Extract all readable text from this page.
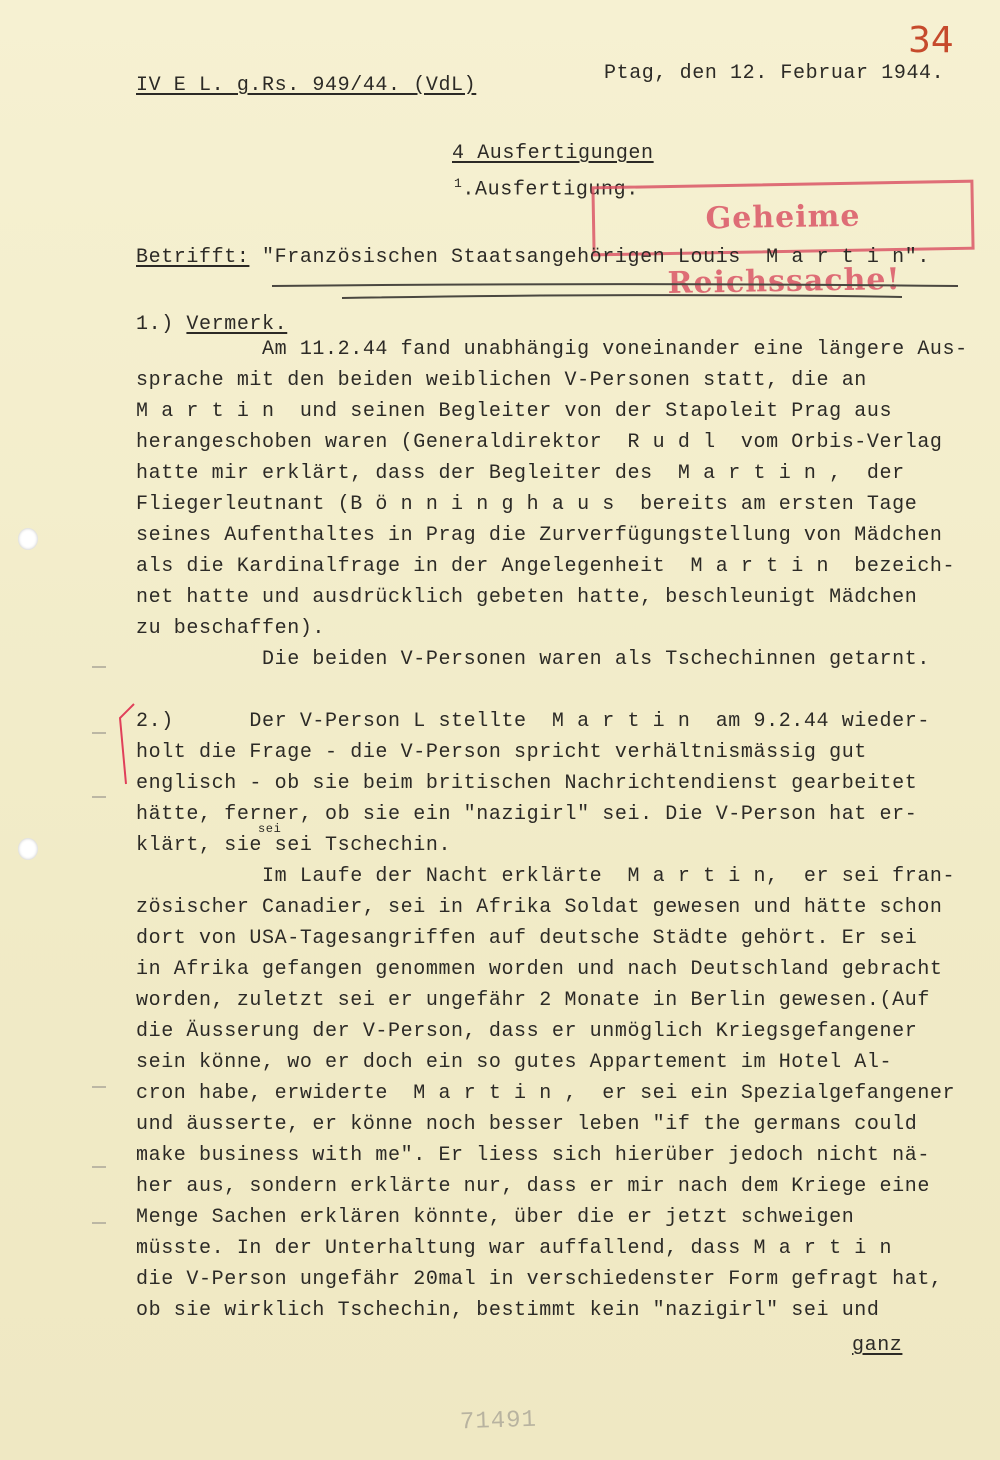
34
IV E L. g.Rs. 949/44. (VdL)
Ptag, den 12. Februar 1944.
4 Ausfertigungen
$^1$.Ausfertigung.
Geheime Reichssache!
Betrifft: "Französischen Staatsangehörigen Louis  M a r t i n".
1.) Vermerk.
Am 11.2.44 fand unabhängig voneinander eine längere Aus-
sprache mit den beiden weiblichen V-Personen statt, die an
M a r t i n  und seinen Begleiter von der Stapoleit Prag aus
herangeschoben waren (Generaldirektor  R u d l  vom Orbis-Verlag
hatte mir erklärt, dass der Begleiter des  M a r t i n ,  der
Fliegerleutnant (B ö n n i n g h a u s  bereits am ersten Tage
seines Aufenthaltes in Prag die Zurverfügungstellung von Mädchen
als die Kardinalfrage in der Angelegenheit  M a r t i n  bezeich-
net hatte und ausdrücklich gebeten hatte, beschleunigt Mädchen
zu beschaffen).
Die beiden V-Personen waren als Tschechinnen getarnt.
2.)      Der V-Person L stellte  M a r t i n  am 9.2.44 wieder-
holt die Frage - die V-Person spricht verhältnismässig gut
englisch - ob sie beim britischen Nachrichtendienst gearbeitet
hätte, ferner, ob sie ein "nazigirl" sei. Die V-Person hat er-
klärt, sie sei Tschechin.
sei
Im Laufe der Nacht erklärte  M a r t i n,  er sei fran-
zösischer Canadier, sei in Afrika Soldat gewesen und hätte schon
dort von USA-Tagesangriffen auf deutsche Städte gehört. Er sei
in Afrika gefangen genommen worden und nach Deutschland gebracht
worden, zuletzt sei er ungefähr 2 Monate in Berlin gewesen.(Auf
die Äusserung der V-Person, dass er unmöglich Kriegsgefangener
sein könne, wo er doch ein so gutes Appartement im Hotel Al-
cron habe, erwiderte  M a r t i n ,  er sei ein Spezialgefangener
und äusserte, er könne noch besser leben "if the germans could
make business with me". Er liess sich hierüber jedoch nicht nä-
her aus, sondern erklärte nur, dass er mir nach dem Kriege eine
Menge Sachen erklären könnte, über die er jetzt schweigen
müsste. In der Unterhaltung war auffallend, dass M a r t i n
die V-Person ungefähr 20mal in verschiedenster Form gefragt hat,
ob sie wirklich Tschechin, bestimmt kein "nazigirl" sei und
ganz
71491
